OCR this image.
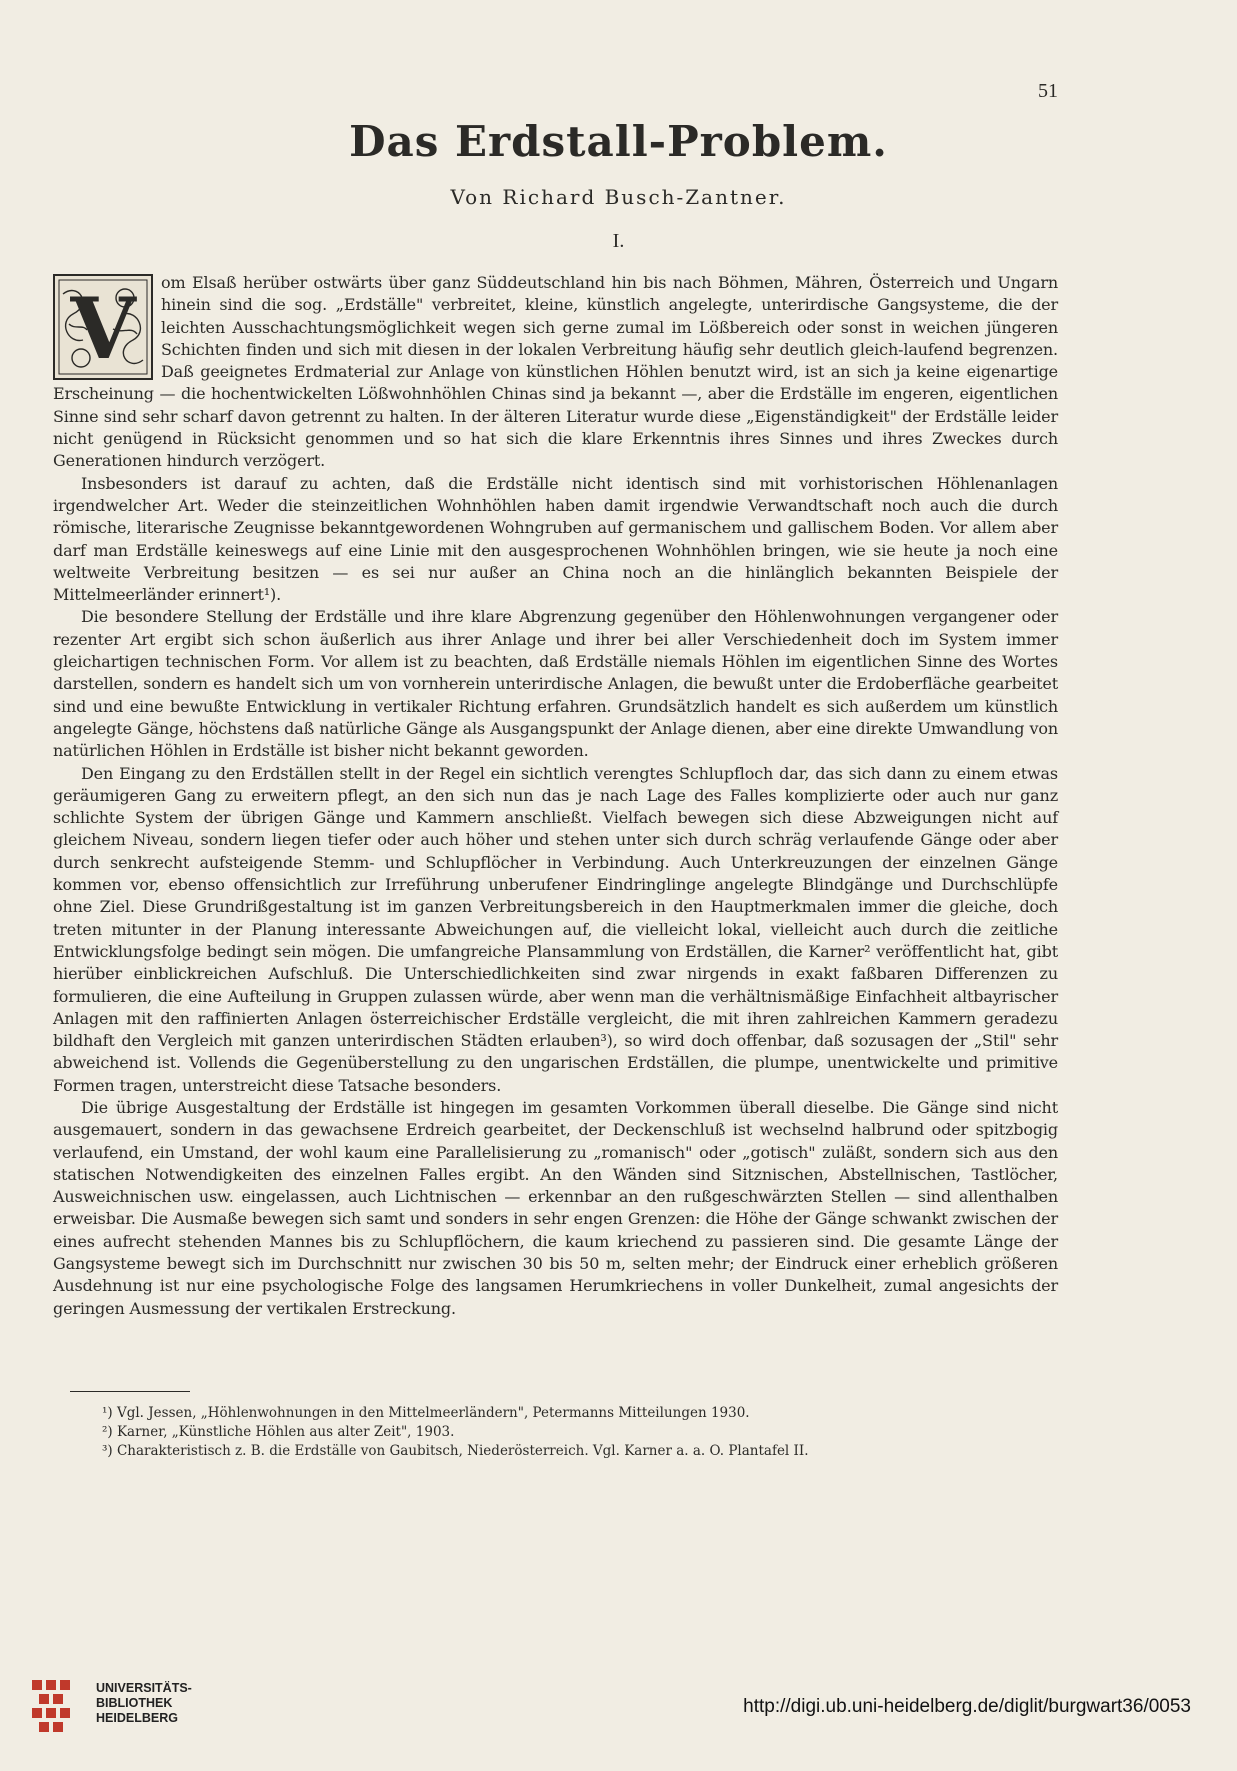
51
Das Erdstall-Problem.
Von Richard Busch-Zantner.
I.

V om Elsaß herüber ostwärts über ganz Süddeutschland hin bis nach Böhmen, Mähren, Österreich und Ungarn hinein sind die sog. „Erdställe" verbreitet, kleine, künstlich angelegte, unterirdische Gangsysteme, die der leichten Ausschachtungsmöglichkeit wegen sich gerne zumal im Lößbereich oder sonst in weichen jüngeren Schichten finden und sich mit diesen in der lokalen Verbreitung häufig sehr deutlich gleich-laufend begrenzen. Daß geeignetes Erdmaterial zur Anlage von künstlichen Höhlen benutzt wird, ist an sich ja keine eigenartige Erscheinung — die hochentwickelten Lößwohnhöhlen Chinas sind ja bekannt —, aber die Erdställe im engeren, eigentlichen Sinne sind sehr scharf davon getrennt zu halten. In der älteren Literatur wurde diese „Eigenständigkeit" der Erdställe leider nicht genügend in Rücksicht genommen und so hat sich die klare Erkenntnis ihres Sinnes und ihres Zweckes durch Generationen hindurch verzögert.

Insbesonders ist darauf zu achten, daß die Erdställe nicht identisch sind mit vorhistorischen Höhlenanlagen irgendwelcher Art. Weder die steinzeitlichen Wohnhöhlen haben damit irgendwie Verwandtschaft noch auch die durch römische, literarische Zeugnisse bekanntgewordenen Wohngruben auf germanischem und gallischem Boden. Vor allem aber darf man Erdställe keineswegs auf eine Linie mit den ausgesprochenen Wohnhöhlen bringen, wie sie heute ja noch eine weltweite Verbreitung besitzen — es sei nur außer an China noch an die hinlänglich bekannten Beispiele der Mittelmeerländer erinnert¹).

Die besondere Stellung der Erdställe und ihre klare Abgrenzung gegenüber den Höhlenwohnungen vergangener oder rezenter Art ergibt sich schon äußerlich aus ihrer Anlage und ihrer bei aller Verschiedenheit doch im System immer gleichartigen technischen Form. Vor allem ist zu beachten, daß Erdställe niemals Höhlen im eigentlichen Sinne des Wortes darstellen, sondern es handelt sich um von vornherein unterirdische Anlagen, die bewußt unter die Erdoberfläche gearbeitet sind und eine bewußte Entwicklung in vertikaler Richtung erfahren. Grundsätzlich handelt es sich außerdem um künstlich angelegte Gänge, höchstens daß natürliche Gänge als Ausgangspunkt der Anlage dienen, aber eine direkte Umwandlung von natürlichen Höhlen in Erdställe ist bisher nicht bekannt geworden.

Den Eingang zu den Erdställen stellt in der Regel ein sichtlich verengtes Schlupfloch dar, das sich dann zu einem etwas geräumigeren Gang zu erweitern pflegt, an den sich nun das je nach Lage des Falles komplizierte oder auch nur ganz schlichte System der übrigen Gänge und Kammern anschließt. Vielfach bewegen sich diese Abzweigungen nicht auf gleichem Niveau, sondern liegen tiefer oder auch höher und stehen unter sich durch schräg verlaufende Gänge oder aber durch senkrecht aufsteigende Stemm- und Schlupflöcher in Verbindung. Auch Unterkreuzungen der einzelnen Gänge kommen vor, ebenso offensichtlich zur Irreführung unberufener Eindringlinge angelegte Blindgänge und Durchschlüpfe ohne Ziel. Diese Grundrißgestaltung ist im ganzen Verbreitungsbereich in den Hauptmerkmalen immer die gleiche, doch treten mitunter in der Planung interessante Abweichungen auf, die vielleicht lokal, vielleicht auch durch die zeitliche Entwicklungsfolge bedingt sein mögen. Die umfangreiche Plansammlung von Erdställen, die Karner² veröffentlicht hat, gibt hierüber einblickreichen Aufschluß. Die Unterschiedlichkeiten sind zwar nirgends in exakt faßbaren Differenzen zu formulieren, die eine Aufteilung in Gruppen zulassen würde, aber wenn man die verhältnismäßige Einfachheit altbayrischer Anlagen mit den raffinierten Anlagen österreichischer Erdställe vergleicht, die mit ihren zahlreichen Kammern geradezu bildhaft den Vergleich mit ganzen unterirdischen Städten erlauben³), so wird doch offenbar, daß sozusagen der „Stil" sehr abweichend ist. Vollends die Gegenüberstellung zu den ungarischen Erdställen, die plumpe, unentwickelte und primitive Formen tragen, unterstreicht diese Tatsache besonders.

Die übrige Ausgestaltung der Erdställe ist hingegen im gesamten Vorkommen überall dieselbe. Die Gänge sind nicht ausgemauert, sondern in das gewachsene Erdreich gearbeitet, der Deckenschluß ist wechselnd halbrund oder spitzbogig verlaufend, ein Umstand, der wohl kaum eine Parallelisierung zu „romanisch" oder „gotisch" zuläßt, sondern sich aus den statischen Notwendigkeiten des einzelnen Falles ergibt. An den Wänden sind Sitznischen, Abstellnischen, Tastlöcher, Ausweichnischen usw. eingelassen, auch Lichtnischen — erkennbar an den rußgeschwärzten Stellen — sind allenthalben erweisbar. Die Ausmaße bewegen sich samt und sonders in sehr engen Grenzen: die Höhe der Gänge schwankt zwischen der eines aufrecht stehenden Mannes bis zu Schlupflöchern, die kaum kriechend zu passieren sind. Die gesamte Länge der Gangsysteme bewegt sich im Durchschnitt nur zwischen 30 bis 50 m, selten mehr; der Eindruck einer erheblich größeren Ausdehnung ist nur eine psychologische Folge des langsamen Herumkriechens in voller Dunkelheit, zumal angesichts der geringen Ausmessung der vertikalen Erstreckung.

¹) Vgl. Jessen, „Höhlenwohnungen in den Mittelmeerländern", Petermanns Mitteilungen 1930.
²) Karner, „Künstliche Höhlen aus alter Zeit", 1903.
³) Charakteristisch z. B. die Erdställe von Gaubitsch, Niederösterreich. Vgl. Karner a. a. O. Plantafel II.
UNIVERSITÄTS-
BIBLIOTHEK
HEIDELBERG
http://digi.ub.uni-heidelberg.de/diglit/burgwart36/0053
